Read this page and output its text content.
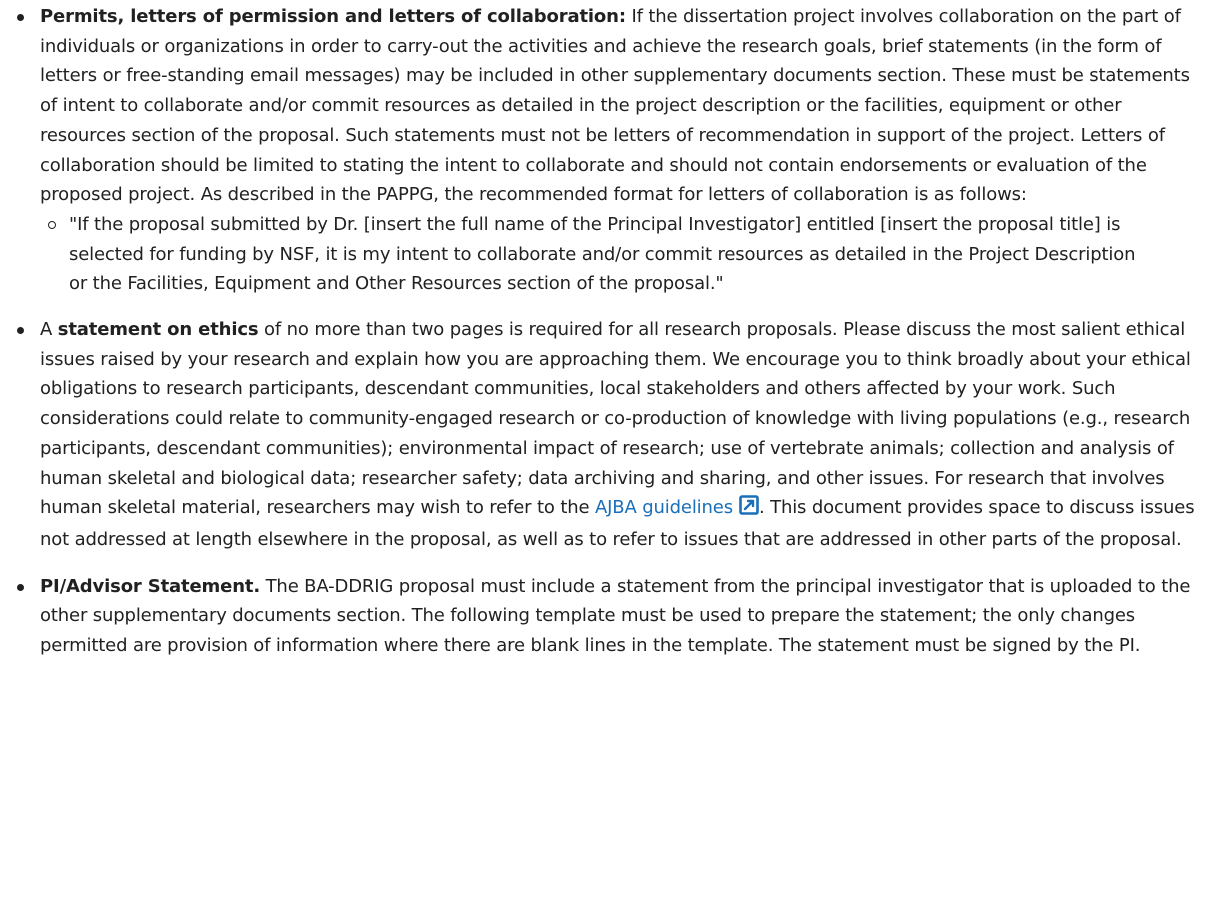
Permits, letters of permission and letters of collaboration: If the dissertation project involves collaboration on the part of individuals or organizations in order to carry-out the activities and achieve the research goals, brief statements (in the form of letters or free-standing email messages) may be included in other supplementary documents section. These must be statements of intent to collaborate and/or commit resources as detailed in the project description or the facilities, equipment or other resources section of the proposal. Such statements must not be letters of recommendation in support of the project. Letters of collaboration should be limited to stating the intent to collaborate and should not contain endorsements or evaluation of the proposed project. As described in the PAPPG, the recommended format for letters of collaboration is as follows:
"If the proposal submitted by Dr. [insert the full name of the Principal Investigator] entitled [insert the proposal title] is selected for funding by NSF, it is my intent to collaborate and/or commit resources as detailed in the Project Description or the Facilities, Equipment and Other Resources section of the proposal."
A statement on ethics of no more than two pages is required for all research proposals. Please discuss the most salient ethical issues raised by your research and explain how you are approaching them. We encourage you to think broadly about your ethical obligations to research participants, descendant communities, local stakeholders and others affected by your work. Such considerations could relate to community-engaged research or co-production of knowledge with living populations (e.g., research participants, descendant communities); environmental impact of research; use of vertebrate animals; collection and analysis of human skeletal and biological data; researcher safety; data archiving and sharing, and other issues. For research that involves human skeletal material, researchers may wish to refer to the AJBA guidelines . This document provides space to discuss issues not addressed at length elsewhere in the proposal, as well as to refer to issues that are addressed in other parts of the proposal.
PI/Advisor Statement. The BA-DDRIG proposal must include a statement from the principal investigator that is uploaded to the other supplementary documents section. The following template must be used to prepare the statement; the only changes permitted are provision of information where there are blank lines in the template. The statement must be signed by the PI.
